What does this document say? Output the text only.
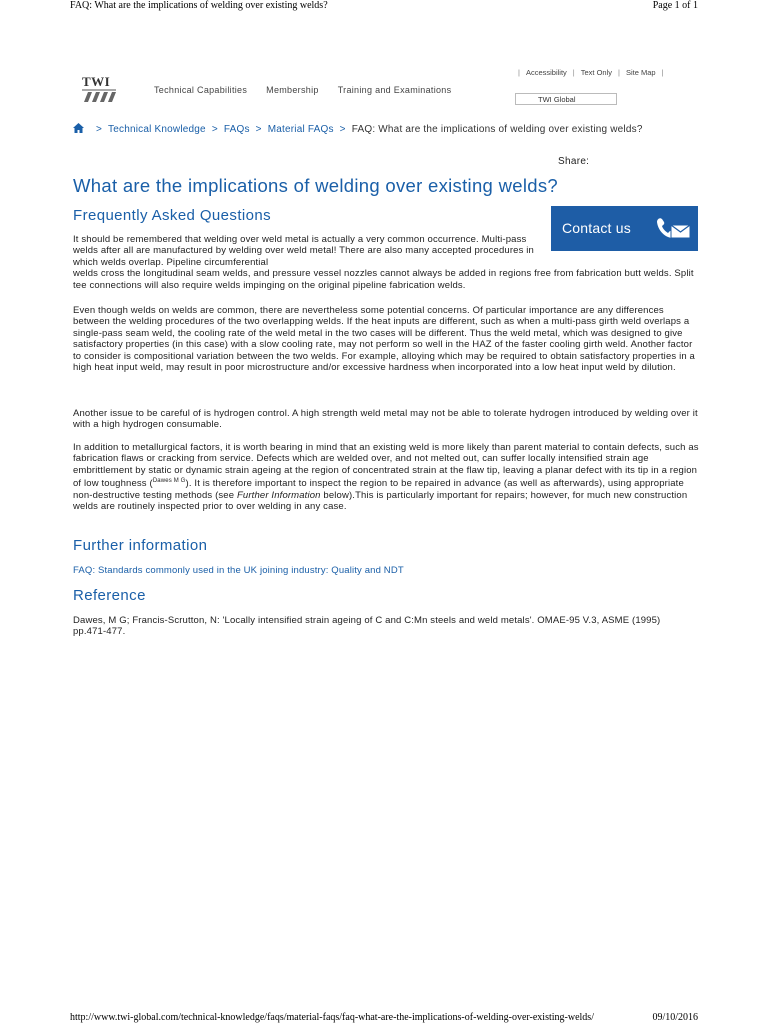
FAQ: What are the implications of welding over existing welds?	Page 1 of 1
TWI
Technical Capabilities Membership Training and Examinations
| Accessibility | Text Only | Site Map |
TWI Global
> Technical Knowledge > FAQs > Material FAQs > FAQ: What are the implications of welding over existing welds?
Share:
What are the implications of welding over existing welds?
Frequently Asked Questions
Contact us

It should be remembered that welding over weld metal is actually a very common occurrence. Multi-pass welds after all are manufactured by welding over weld metal! There are also many accepted procedures in which welds overlap. Pipeline circumferential
welds cross the longitudinal seam welds, and pressure vessel nozzles cannot always be added in regions free from fabrication butt welds. Split tee connections will also require welds impinging on the original pipeline fabrication welds.

Even though welds on welds are common, there are nevertheless some potential concerns. Of particular importance are any differences between the welding procedures of the two overlapping welds. If the heat inputs are different, such as when a multi-pass girth weld overlaps a single-pass seam weld, the cooling rate of the weld metal in the two cases will be different. Thus the weld metal, which was designed to give satisfactory properties (in this case) with a slow cooling rate, may not perform so well in the HAZ of the faster cooling girth weld. Another factor to consider is compositional variation between the two welds. For example, alloying which may be required to obtain satisfactory properties in a high heat input weld, may result in poor microstructure and/or excessive hardness when incorporated into a low heat input weld by dilution.

Another issue to be careful of is hydrogen control. A high strength weld metal may not be able to tolerate hydrogen introduced by welding over it with a high hydrogen consumable.

In addition to metallurgical factors, it is worth bearing in mind that an existing weld is more likely than parent material to contain defects, such as fabrication flaws or cracking from service. Defects which are welded over, and not melted out, can suffer locally intensified strain age embrittlement by static or dynamic strain ageing at the region of concentrated strain at the flaw tip, leaving a planar defect with its tip in a region of low toughness ($^{Dawes M G}$). It is therefore important to inspect the region to be repaired in advance (as well as afterwards), using appropriate non-destructive testing methods (see Further Information below).This is particularly important for repairs; however, for much new construction welds are routinely inspected prior to over welding in any case.

Further information
FAQ: Standards commonly used in the UK joining industry: Quality and NDT
Reference

Dawes, M G; Francis-Scrutton, N: 'Locally intensified strain ageing of C and C:Mn steels and weld metals'. OMAE-95 V.3, ASME (1995) pp.471-477.

http://www.twi-global.com/technical-knowledge/faqs/material-faqs/faq-what-are-the-implications-of-welding-over-existing-welds/	09/10/2016
